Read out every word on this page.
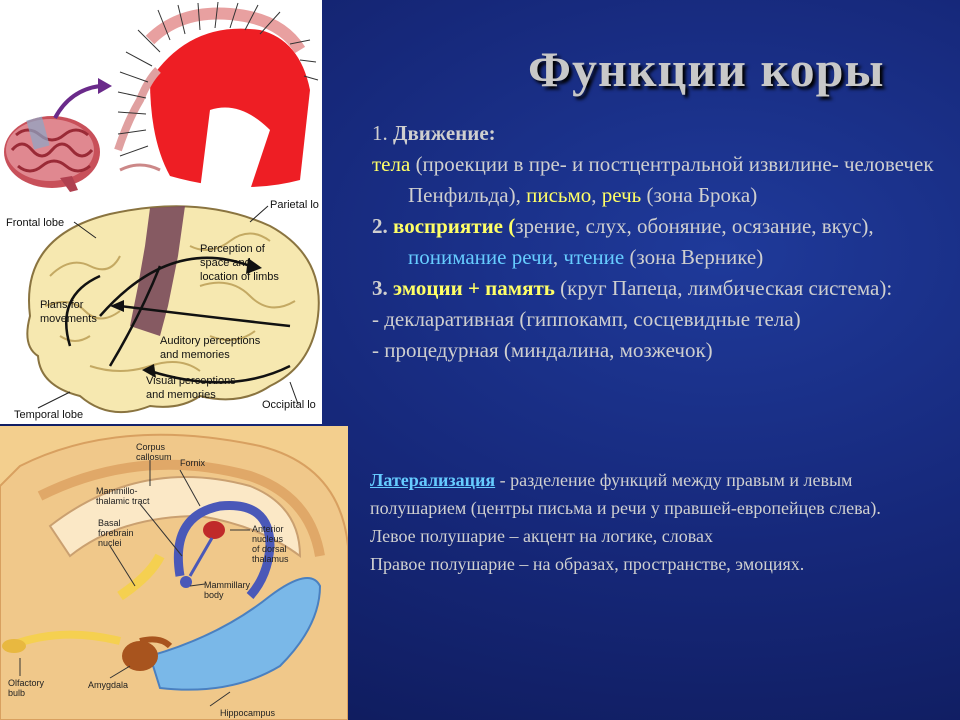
Frontal lobe
Parietal lo
Temporal lobe
Occipital lo
Plans for
movements
Perception of
space and
location of limbs
Auditory perceptions
and memories
Visual perceptions
and memories
Corpus
callosum
Fornix
Mammillo-
thalamic tract
Anterior
nucleus
of dorsal
thalamus
Basal
forebrain
nuclei
Mammillary
body
Olfactory
bulb
Amygdala
Hippocampus
Функции коры

1. Движение:

тела (проекции в пре- и постцентральной извилине- человечек Пенфильда), письмо, речь (зона Брока)

2. восприятие (зрение, слух, обоняние, осязание, вкус), понимание речи, чтение (зона Вернике)

3. эмоции + память (круг Папеца, лимбическая система):

- декларативная (гиппокамп, сосцевидные тела)

- процедурная (миндалина, мозжечок)

Латерализация - разделение функций между правым и левым полушарием (центры письма и речи у правшей-европейцев слева).
Левое полушарие – акцент на логике, словах
Правое полушарие – на образах, пространстве, эмоциях.
